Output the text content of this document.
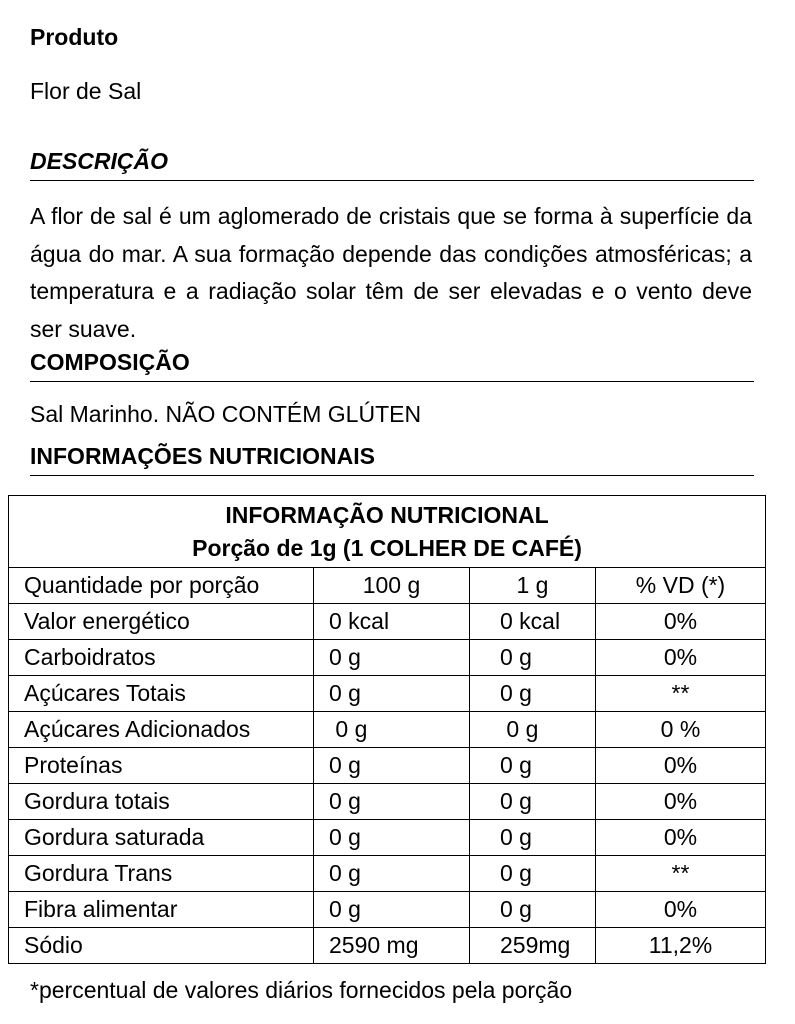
Produto
Flor de Sal
DESCRIÇÃO
A flor de sal é um aglomerado de cristais que se forma à superfície da água do mar. A sua formação depende das condições atmosféricas; a temperatura e a radiação solar têm de ser elevadas e o vento deve ser suave.
COMPOSIÇÃO
Sal Marinho. NÃO CONTÉM GLÚTEN
INFORMAÇÕES NUTRICIONAIS
INFORMAÇÃO NUTRICIONAL
Porção de 1g (1 COLHER DE CAFÉ)			

Quantidade por porção	100 g	1 g	% VD (*)
Valor energético	0 kcal	0 kcal	0%
Carboidratos	0 g	0 g	0%
Açúcares Totais	0 g	0 g	**
Açúcares Adicionados	0 g	0 g	0 %
Proteínas	0 g	0 g	0%
Gordura totais	0 g	0 g	0%
Gordura saturada	0 g	0 g	0%
Gordura Trans	0 g	0 g	**
Fibra alimentar	0 g	0 g	0%
Sódio	2590 mg	259mg	11,2%
*percentual de valores diários fornecidos pela porção
